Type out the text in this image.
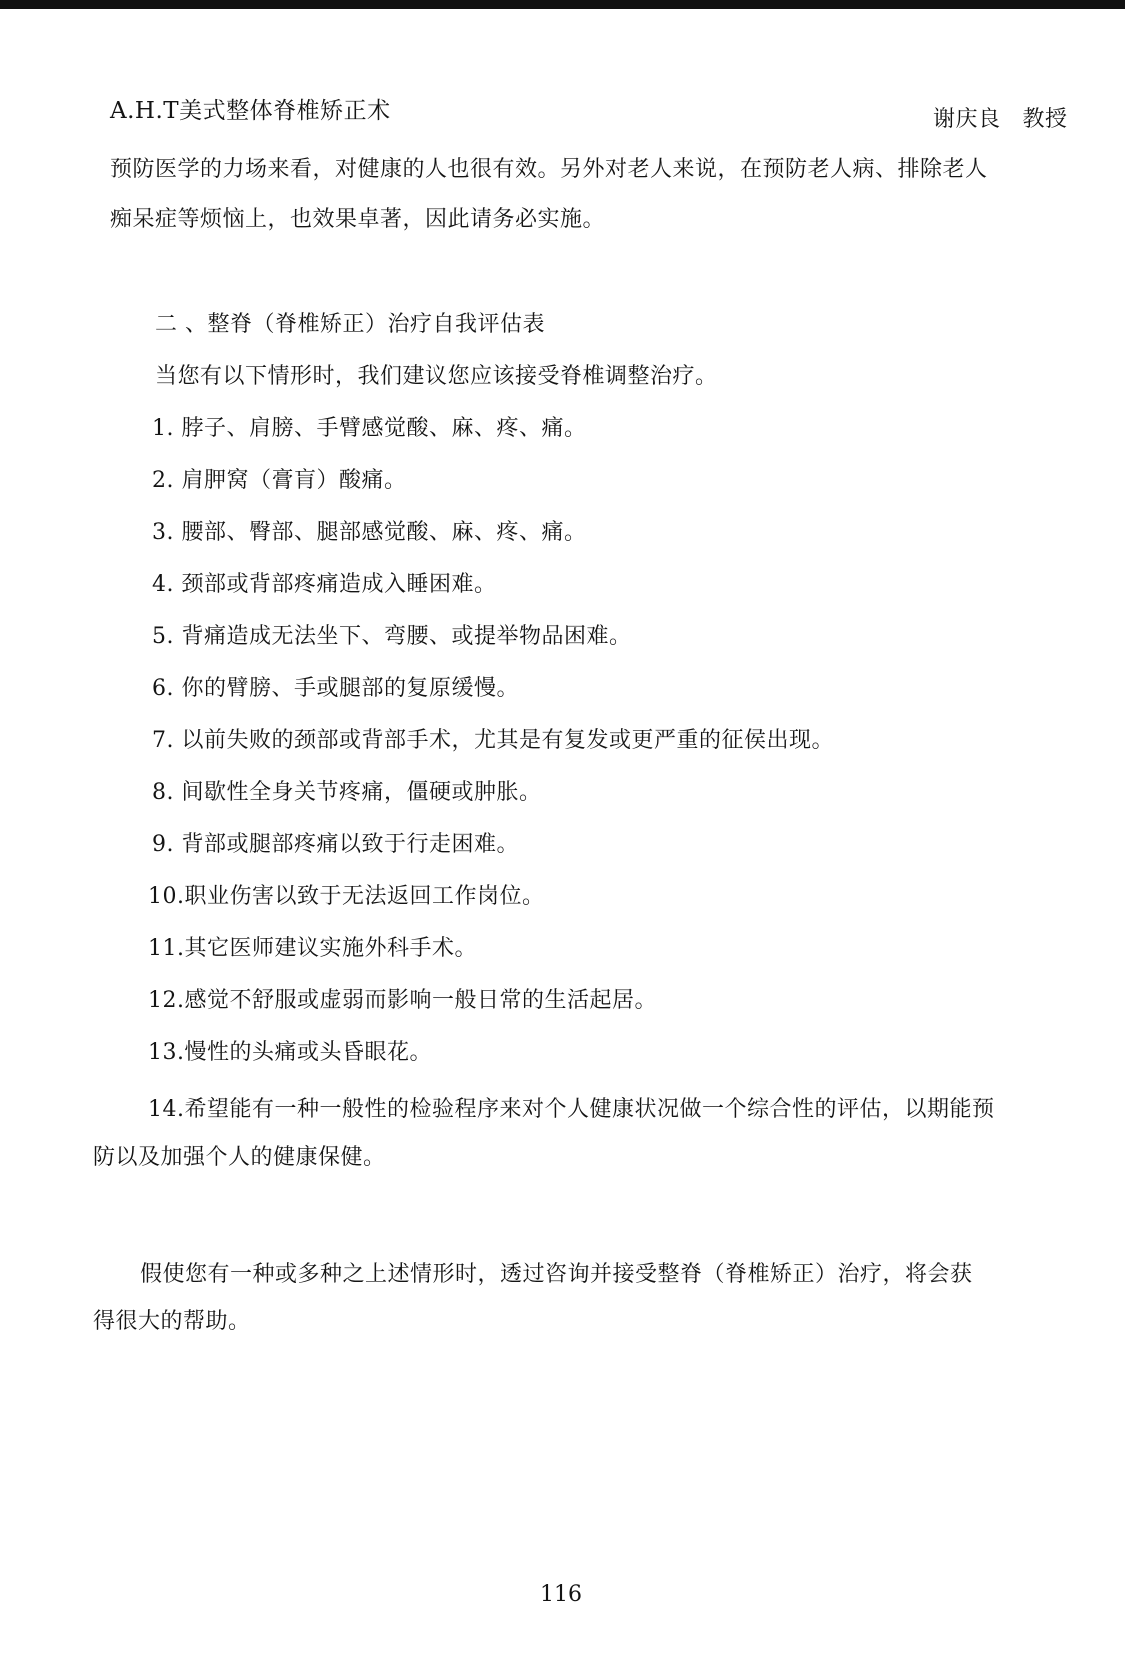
A.H.T美式整体脊椎矫正术	谢庆良 教授
预防医学的力场来看，对健康的人也很有效。另外对老人来说，在预防老人病、排除老人
痴呆症等烦恼上，也效果卓著，因此请务必实施。
二 、整脊（脊椎矫正）治疗自我评估表
当您有以下情形时，我们建议您应该接受脊椎调整治疗。
1. 脖子、肩膀、手臂感觉酸、麻、疼、痛。
2. 肩胛窝（膏肓）酸痛。
3. 腰部、臀部、腿部感觉酸、麻、疼、痛。
4. 颈部或背部疼痛造成入睡困难。
5. 背痛造成无法坐下、弯腰、或提举物品困难。
6. 你的臂膀、手或腿部的复原缓慢。
7. 以前失败的颈部或背部手术，尤其是有复发或更严重的征侯出现。
8. 间歇性全身关节疼痛，僵硬或肿胀。
9. 背部或腿部疼痛以致于行走困难。
10.职业伤害以致于无法返回工作岗位。
11.其它医师建议实施外科手术。
12.感觉不舒服或虚弱而影响一般日常的生活起居。
13.慢性的头痛或头昏眼花。
14.希望能有一种一般性的检验程序来对个人健康状况做一个综合性的评估，以期能预
防以及加强个人的健康保健。
假使您有一种或多种之上述情形时，透过咨询并接受整脊（脊椎矫正）治疗，将会获
得很大的帮助。
116
